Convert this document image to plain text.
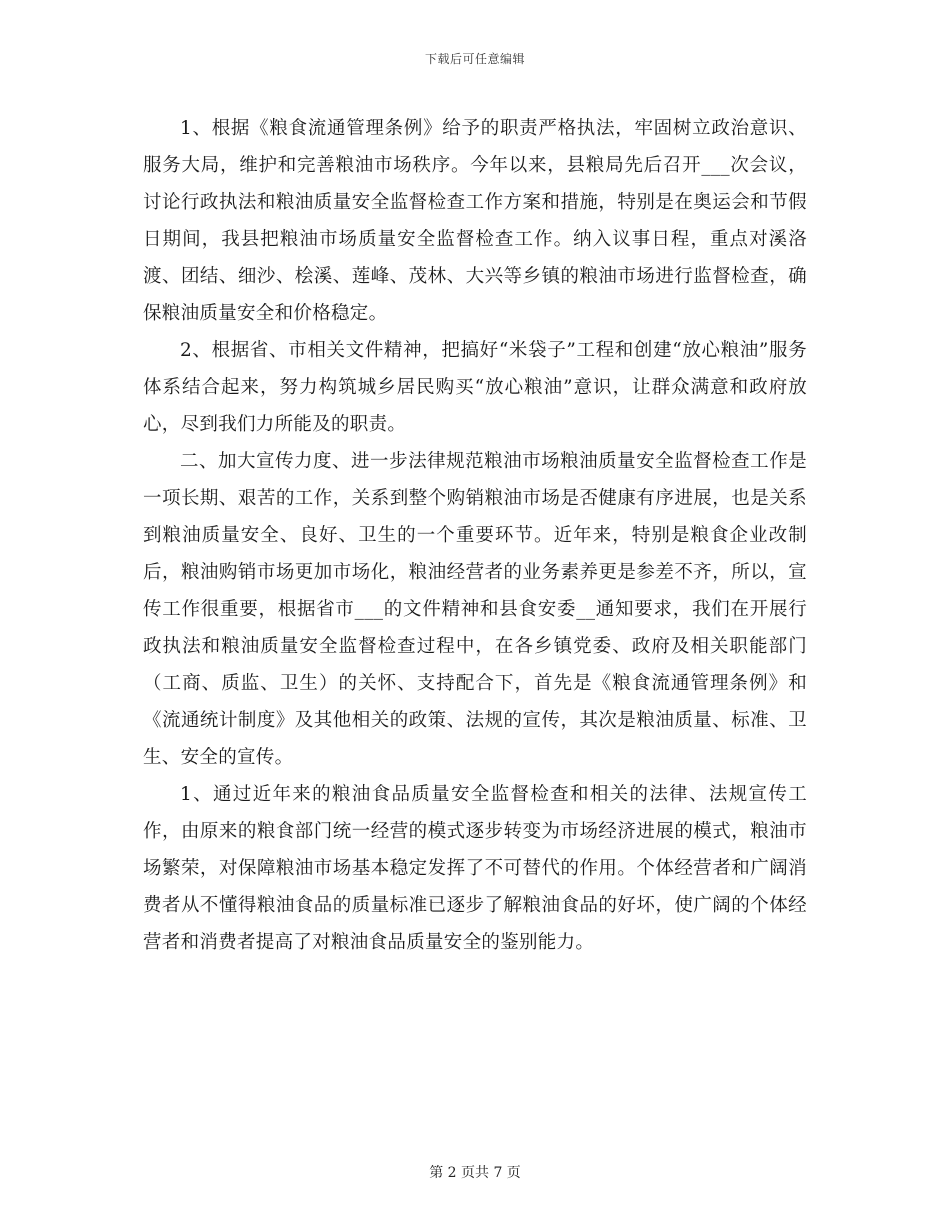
下载后可任意编辑

1、根据《粮食流通管理条例》给予的职责严格执法，牢固树立政治意识、服务大局，维护和完善粮油市场秩序。今年以来，县粮局先后召开___次会议，讨论行政执法和粮油质量安全监督检查工作方案和措施，特别是在奥运会和节假日期间，我县把粮油市场质量安全监督检查工作。纳入议事日程，重点对溪洛渡、团结、细沙、桧溪、莲峰、茂林、大兴等乡镇的粮油市场进行监督检查，确保粮油质量安全和价格稳定。

2、根据省、市相关文件精神，把搞好“米袋子”工程和创建“放心粮油”服务体系结合起来，努力构筑城乡居民购买“放心粮油”意识，让群众满意和政府放心，尽到我们力所能及的职责。

二、加大宣传力度、进一步法律规范粮油市场粮油质量安全监督检查工作是一项长期、艰苦的工作，关系到整个购销粮油市场是否健康有序进展，也是关系到粮油质量安全、良好、卫生的一个重要环节。近年来，特别是粮食企业改制后，粮油购销市场更加市场化，粮油经营者的业务素养更是参差不齐，所以，宣传工作很重要，根据省市___的文件精神和县食安委__通知要求，我们在开展行政执法和粮油质量安全监督检查过程中，在各乡镇党委、政府及相关职能部门（工商、质监、卫生）的关怀、支持配合下，首先是《粮食流通管理条例》和《流通统计制度》及其他相关的政策、法规的宣传，其次是粮油质量、标准、卫生、安全的宣传。

1、通过近年来的粮油食品质量安全监督检查和相关的法律、法规宣传工作，由原来的粮食部门统一经营的模式逐步转变为市场经济进展的模式，粮油市场繁荣，对保障粮油市场基本稳定发挥了不可替代的作用。个体经营者和广阔消费者从不懂得粮油食品的质量标准已逐步了解粮油食品的好坏，使广阔的个体经营者和消费者提高了对粮油食品质量安全的鉴别能力。

第 2 页共 7 页
